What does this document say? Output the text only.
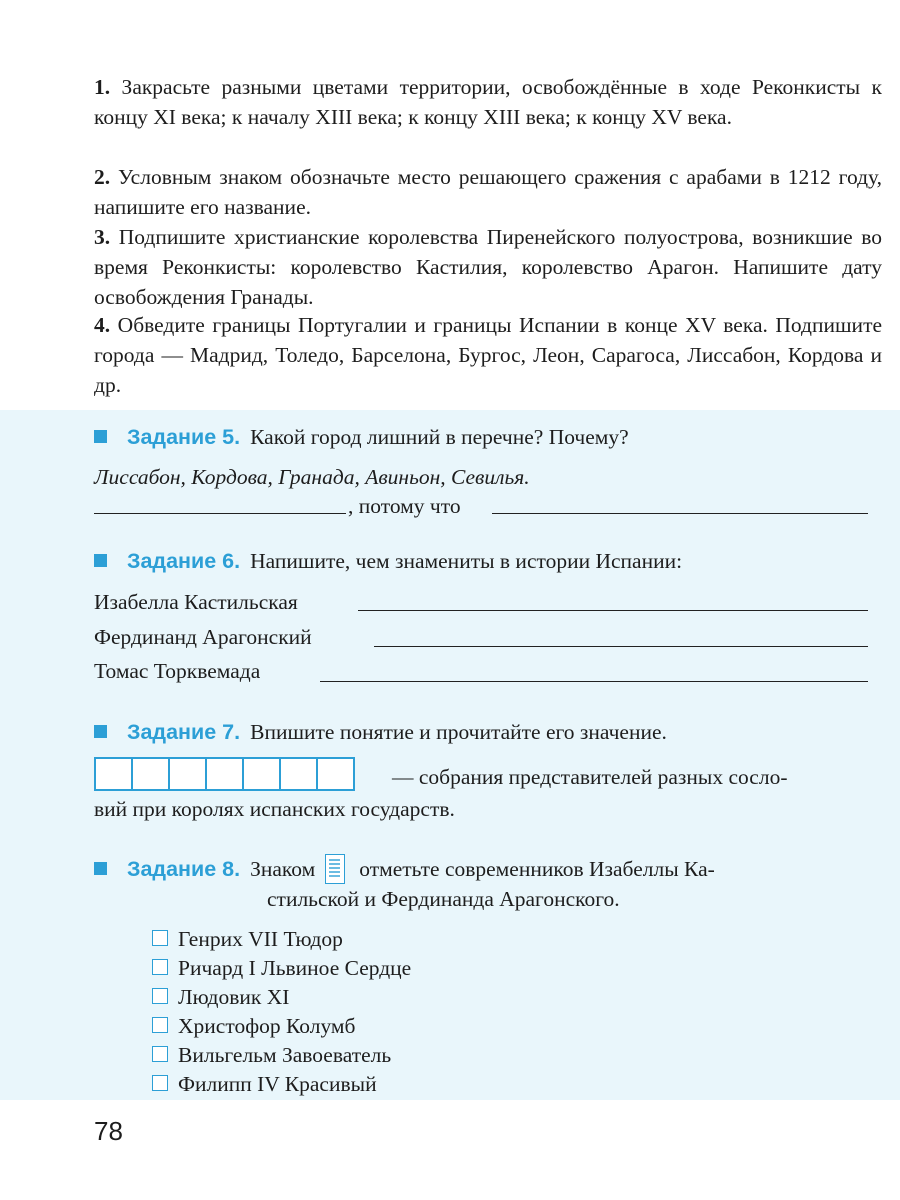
1. Закрасьте разными цветами территории, освобождённые в ходе Реконкисты к концу XI века; к началу XIII века; к концу XIII века; к концу XV века.
2. Условным знаком обозначьте место решающего сражения с арабами в 1212 году, напишите его название.
3. Подпишите христианские королевства Пиренейского полуострова, возникшие во время Реконкисты: королевство Кастилия, королевство Арагон. Напишите дату освобождения Гранады.
4. Обведите границы Португалии и границы Испании в конце XV века. Подпишите города — Мадрид, Толедо, Барселона, Бургос, Леон, Сарагоса, Лиссабон, Кордова и др.
Задание 5. Какой город лишний в перечне? Почему?
Лиссабон, Кордова, Гранада, Авиньон, Севилья.
, потому что
Задание 6. Напишите, чем знамениты в истории Испании:
Изабелла Кастильская
Фердинанд Арагонский
Томас Торквемада
Задание 7. Впишите понятие и прочитайте его значение.
— собрания представителей разных сосло-
вий при королях испанских государств.
Задание 8. Знаком отметьте современников Изабеллы Ка-
стильской и Фердинанда Арагонского.
Генрих VII Тюдор
Ричард I Львиное Сердце
Людовик XI
Христофор Колумб
Вильгельм Завоеватель
Филипп IV Красивый
78
